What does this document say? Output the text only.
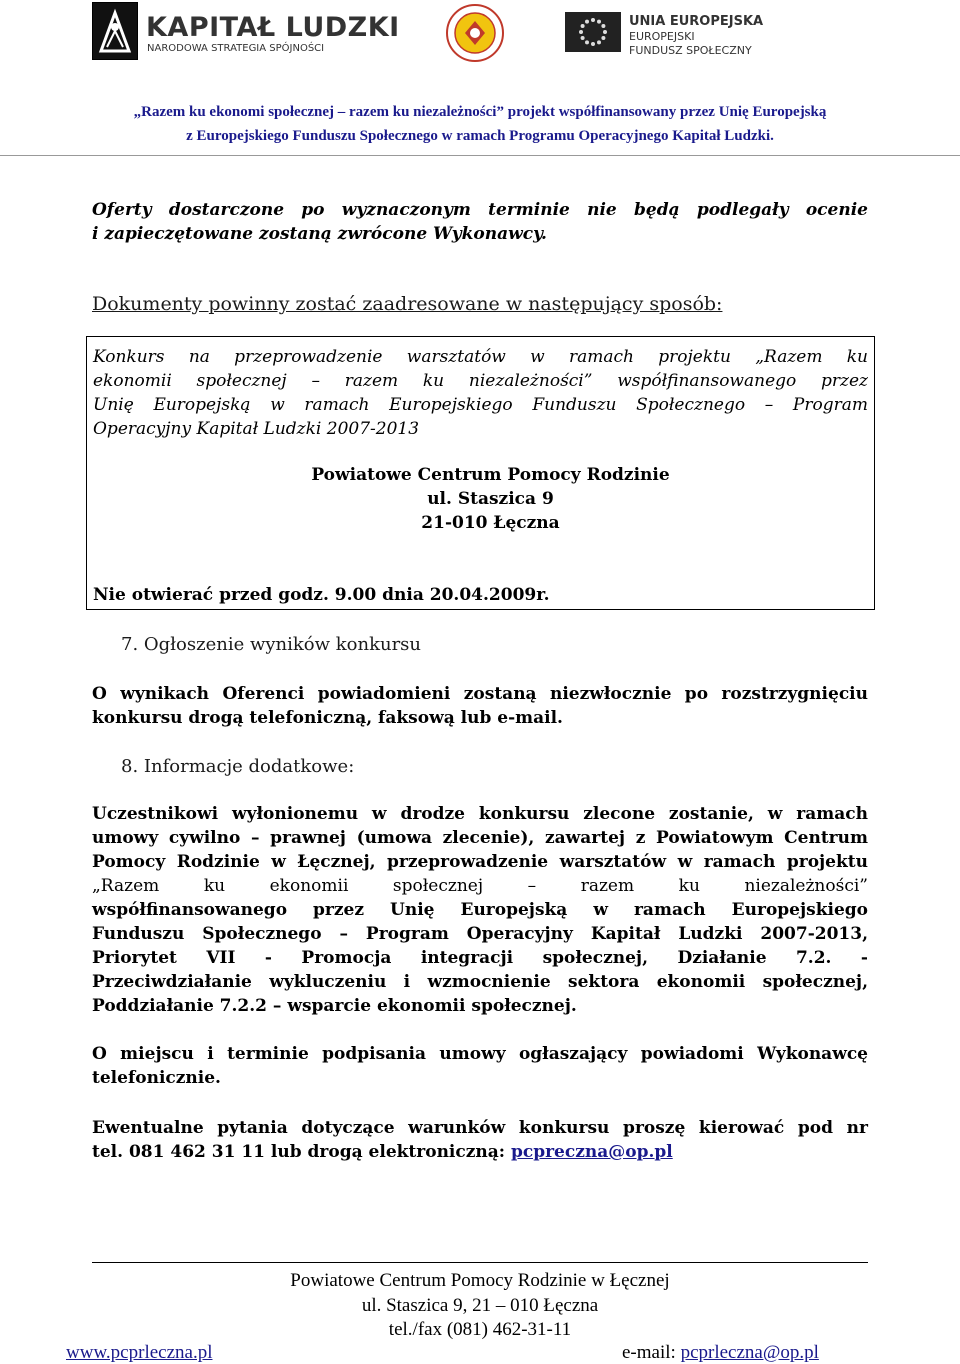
KAPITAŁ LUDZKI
NARODOWA STRATEGIA SPÓJNOŚCI
UNIA EUROPEJSKA
EUROPEJSKI
FUNDUSZ SPOŁECZNY
„Razem ku ekonomi społecznej – razem ku niezależności” projekt współfinansowany przez Unię Europejską
z Europejskiego Funduszu Społecznego w ramach Programu Operacyjnego Kapitał Ludzki.
Oferty dostarczone po wyznaczonym terminie nie będą podlegały ocenie
i zapieczętowane zostaną zwrócone Wykonawcy.
Dokumenty powinny zostać zaadresowane w następujący sposób:
Konkurs na przeprowadzenie warsztatów w ramach projektu „Razem ku
ekonomii społecznej – razem ku niezależności” współfinansowanego przez
Unię Europejską w ramach Europejskiego Funduszu Społecznego – Program
Operacyjny Kapitał Ludzki 2007-2013
Powiatowe Centrum Pomocy Rodzinie
ul. Staszica 9
21-010 Łęczna
Nie otwierać przed godz. 9.00 dnia 20.04.2009r.
7. Ogłoszenie wyników konkursu
O wynikach Oferenci powiadomieni zostaną niezwłocznie po rozstrzygnięciu
konkursu drogą telefoniczną, faksową lub e-mail.
8. Informacje dodatkowe:
Uczestnikowi wyłonionemu w drodze konkursu zlecone zostanie, w ramach
umowy cywilno – prawnej (umowa zlecenie), zawartej z Powiatowym Centrum
Pomocy Rodzinie w Łęcznej, przeprowadzenie warsztatów w ramach projektu
„Razem ku ekonomii społecznej – razem ku niezależności”
współfinansowanego przez Unię Europejską w ramach Europejskiego
Funduszu Społecznego – Program Operacyjny Kapitał Ludzki 2007-2013,
Priorytet VII - Promocja integracji społecznej, Działanie 7.2. -
Przeciwdziałanie wykluczeniu i wzmocnienie sektora ekonomii społecznej,
Poddziałanie 7.2.2 – wsparcie ekonomii społecznej.
O miejscu i terminie podpisania umowy ogłaszający powiadomi Wykonawcę
telefonicznie.
Ewentualne pytania dotyczące warunków konkursu proszę kierować pod nr
tel. 081 462 31 11 lub drogą elektroniczną: pcpreczna@op.pl
Powiatowe Centrum Pomocy Rodzinie w Łęcznej
ul. Staszica 9, 21 – 010 Łęczna
tel./fax (081) 462-31-11
www.pcprleczna.pl	e-mail: pcprleczna@op.pl
